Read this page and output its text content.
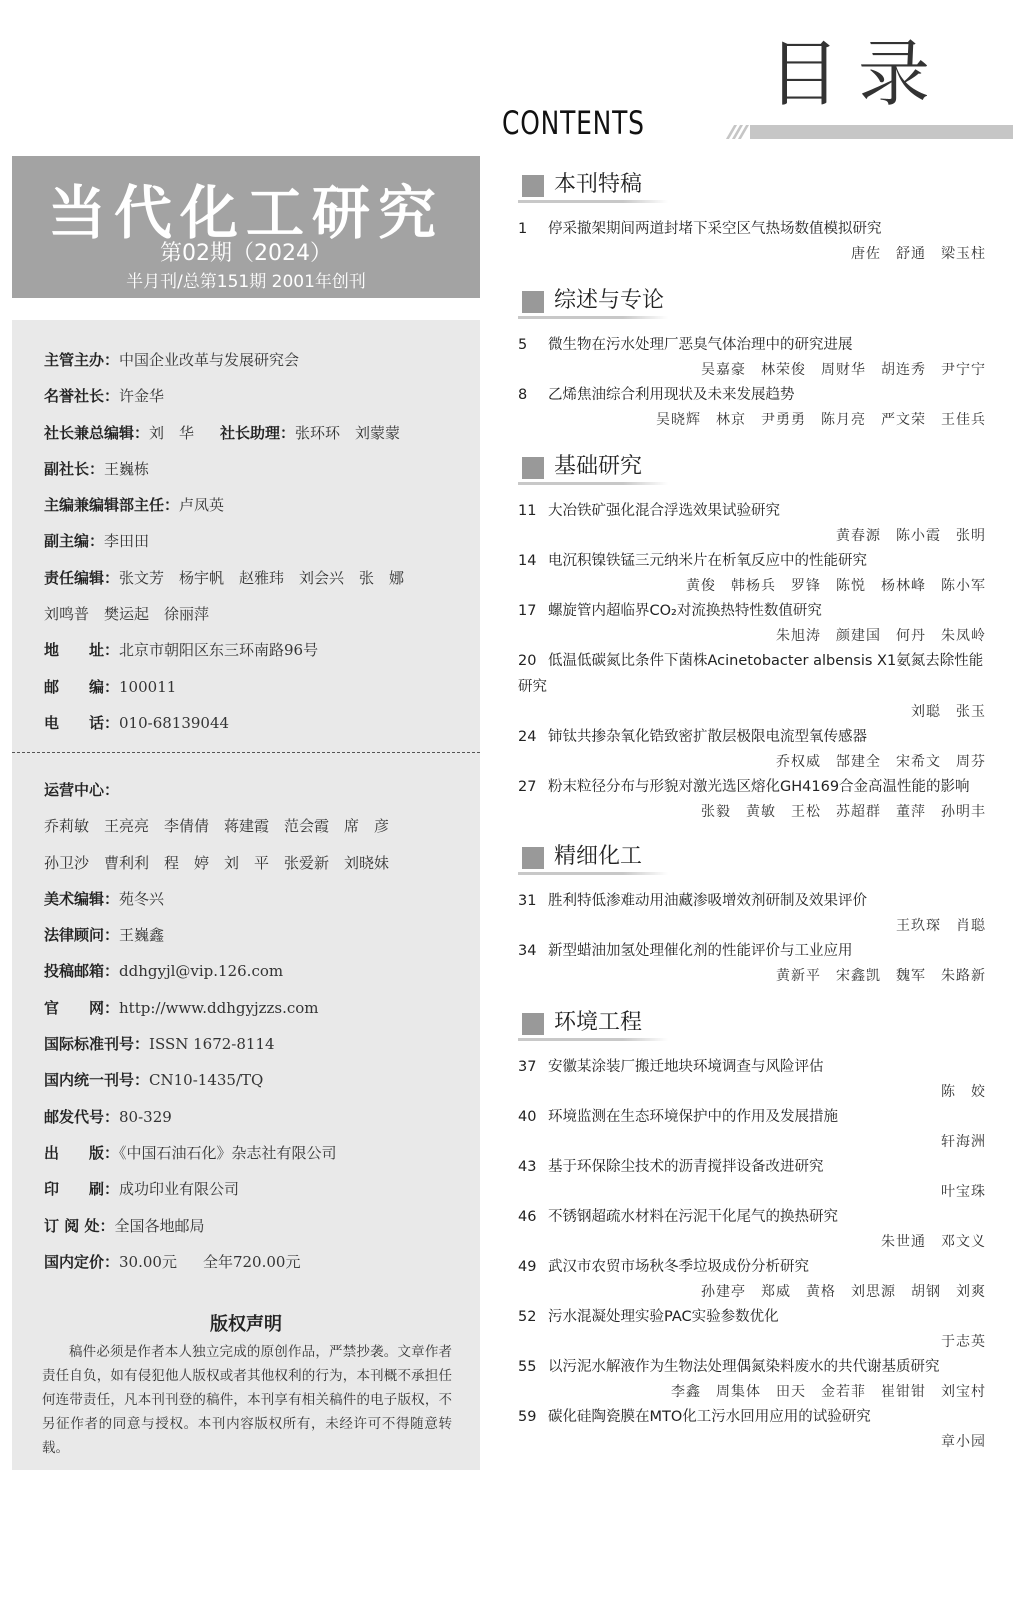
目录
CONTENTS
当代化工研究
第02期（2024）
半月刊/总第151期 2001年创刊
主管主办：中国企业改革与发展研究会
名誉社长：许金华
社长兼总编辑：刘　华 社长助理：张环环　刘蒙蒙
副社长：王巍栋
主编兼编辑部主任：卢凤英
副主编：李田田
责任编辑：张文芳　杨宇帆　赵雅玮　刘会兴　张　娜
刘鸣普　樊运起　徐丽萍
地　　址：北京市朝阳区东三环南路96号
邮　　编：100011
电　　话：010-68139044
运营中心：
乔莉敏　王亮亮　李倩倩　蒋建霞　范会霞　席　彦
孙卫沙　曹利利　程　婷　刘　平　张爱新　刘晓妹
美术编辑：苑冬兴
法律顾问：王巍鑫
投稿邮箱：ddhgyjl@vip.126.com
官　　网：http://www.ddhgyjzzs.com
国际标准刊号：ISSN 1672-8114
国内统一刊号：CN10-1435/TQ
邮发代号：80-329
出　　版：《中国石油石化》杂志社有限公司
印　　刷：成功印业有限公司
订 阅 处：全国各地邮局
国内定价：30.00元 全年720.00元
版权声明
稿件必须是作者本人独立完成的原创作品，严禁抄袭。文章作者责任自负，如有侵犯他人版权或者其他权利的行为，本刊概不承担任何连带责任，凡本刊刊登的稿件，本刊享有相关稿件的电子版权，不另征作者的同意与授权。本刊内容版权所有，未经许可不得随意转载。
本刊特稿
1 停采撤架期间两道封堵下采空区气热场数值模拟研究
唐佐　舒通　梁玉柱
综述与专论
5 微生物在污水处理厂恶臭气体治理中的研究进展
吴嘉豪　林荣俊　周财华　胡连秀　尹宁宁
8 乙烯焦油综合利用现状及未来发展趋势
吴晓辉　林京　尹勇勇　陈月亮　严文荣　王佳兵
基础研究
11 大冶铁矿强化混合浮选效果试验研究
黄春源　陈小霞　张明
14 电沉积镍铁锰三元纳米片在析氧反应中的性能研究
黄俊　韩杨兵　罗锋　陈悦　杨林峰　陈小军
17 螺旋管内超临界CO₂对流换热特性数值研究
朱旭涛　颜建国　何丹　朱凤岭
20 低温低碳氮比条件下菌株Acinetobacter albensis X1氨氮去除性能研究
刘聪　张玉
24 铈钛共掺杂氧化锆致密扩散层极限电流型氧传感器
乔权威　郜建全　宋希文　周芬
27 粉末粒径分布与形貌对激光选区熔化GH4169合金高温性能的影响
张毅　黄敏　王松　苏超群　董萍　孙明丰
精细化工
31 胜利特低渗难动用油藏渗吸增效剂研制及效果评价
王玖琛　肖聪
34 新型蜡油加氢处理催化剂的性能评价与工业应用
黄新平　宋鑫凯　魏军　朱路新
环境工程
37 安徽某涂装厂搬迁地块环境调查与风险评估
陈　姣
40 环境监测在生态环境保护中的作用及发展措施
轩海洲
43 基于环保除尘技术的沥青搅拌设备改进研究
叶宝珠
46 不锈钢超疏水材料在污泥干化尾气的换热研究
朱世通　邓文义
49 武汉市农贸市场秋冬季垃圾成份分析研究
孙建亭　郑威　黄格　刘思源　胡钢　刘爽
52 污水混凝处理实验PAC实验参数优化
于志英
55 以污泥水解液作为生物法处理偶氮染料废水的共代谢基质研究
李鑫　周集体　田天　金若菲　崔钳钳　刘宝村
59 碳化硅陶瓷膜在MTO化工污水回用应用的试验研究
章小园
